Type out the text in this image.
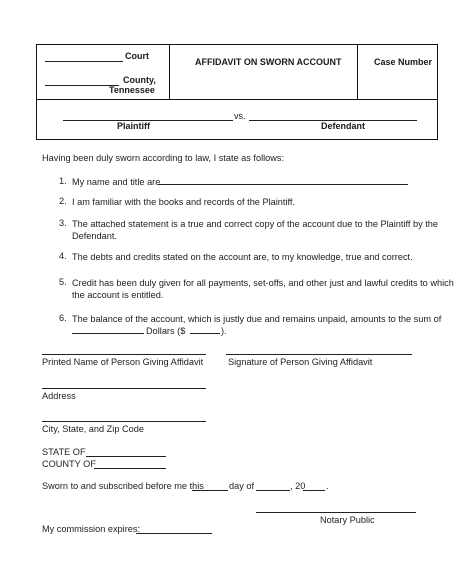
Court
County,
Tennessee
AFFIDAVIT ON SWORN ACCOUNT	Case Number
vs.
Plaintiff	Defendant
Having been duly sworn according to law, I state as follows:
1. My name and title are
2. I am familiar with the books and records of the Plaintiff.
3. The attached statement is a true and correct copy of the account due to the Plaintiff by the
Defendant.
4. The debts and credits stated on the account are, to my knowledge, true and correct.
5. Credit has been duly given for all payments, set-offs, and other just and lawful credits to which
the account is entitled.
6. The balance of the account, which is justly due and remains unpaid, amounts to the sum of
Dollars ($	).
Printed Name of Person Giving Affidavit	Signature of Person Giving Affidavit
Address
City, State, and Zip Code
STATE OF
COUNTY OF
Sworn to and subscribed before me this	day of	, 20 .
Notary Public
My commission expires:
